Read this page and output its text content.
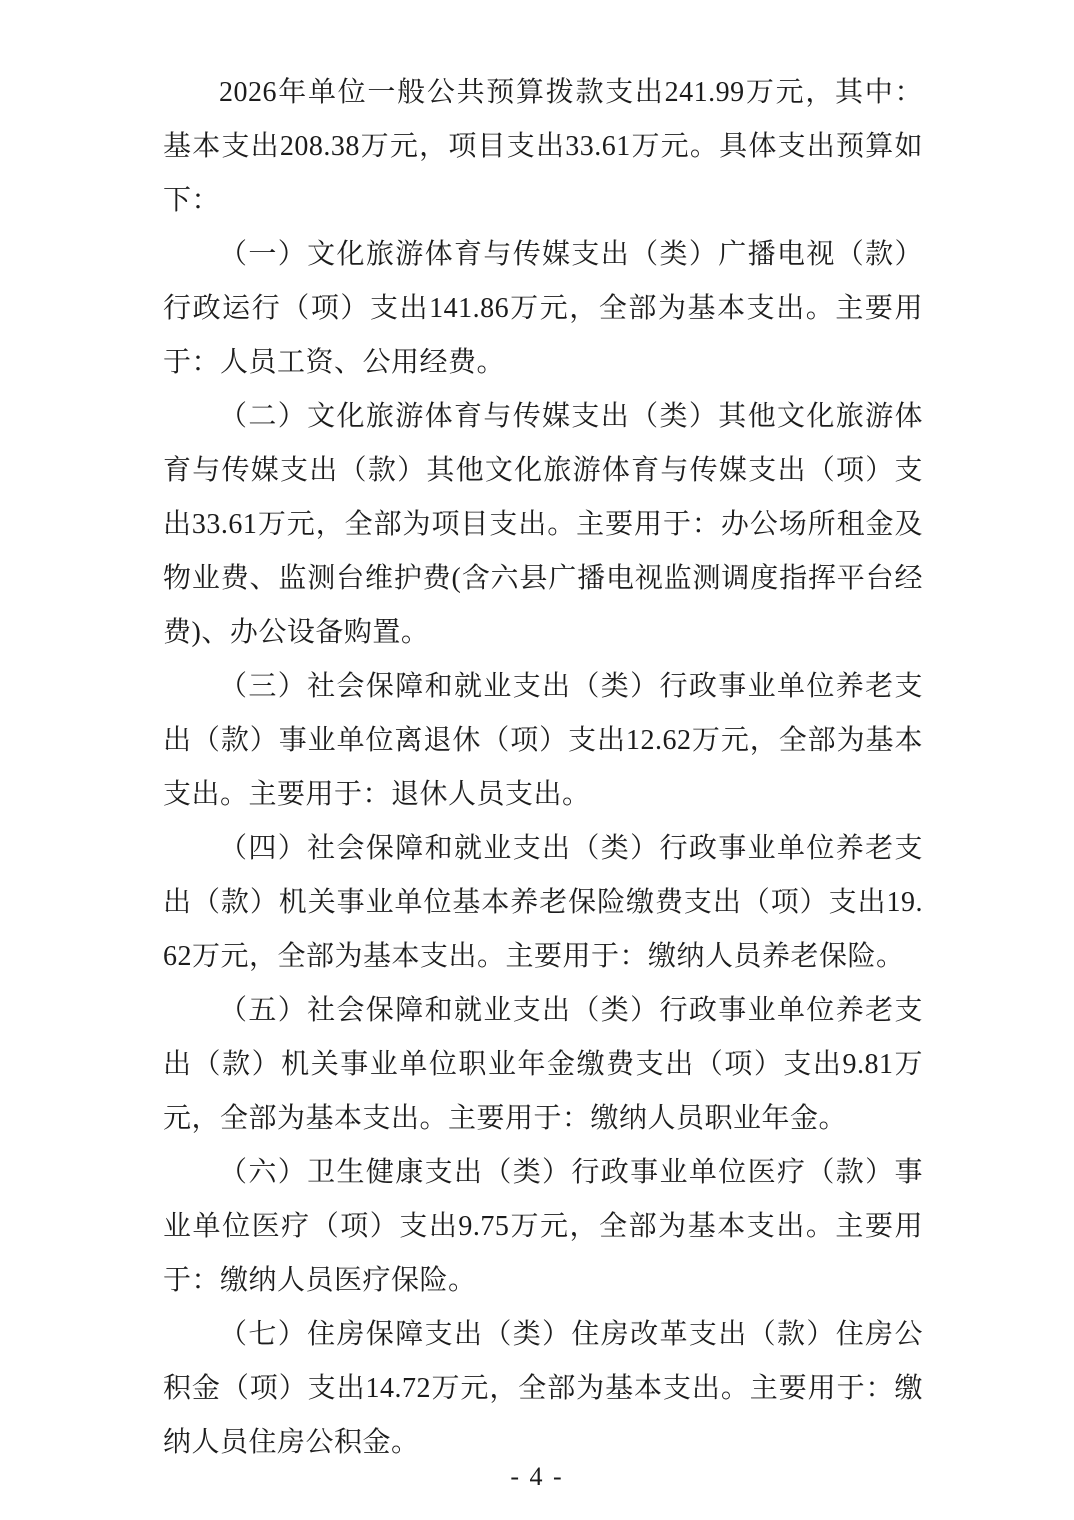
2026年单位一般公共预算拨款支出241.99万元，其中：基本支出208.38万元，项目支出33.61万元。具体支出预算如下：

（一）文化旅游体育与传媒支出（类）广播电视（款）行政运行（项）支出141.86万元，全部为基本支出。主要用于：人员工资、公用经费。

（二）文化旅游体育与传媒支出（类）其他文化旅游体育与传媒支出（款）其他文化旅游体育与传媒支出（项）支出33.61万元，全部为项目支出。主要用于：办公场所租金及物业费、监测台维护费(含六县广播电视监测调度指挥平台经费)、办公设备购置。

（三）社会保障和就业支出（类）行政事业单位养老支出（款）事业单位离退休（项）支出12.62万元，全部为基本支出。主要用于：退休人员支出。

（四）社会保障和就业支出（类）行政事业单位养老支出（款）机关事业单位基本养老保险缴费支出（项）支出19.62万元，全部为基本支出。主要用于：缴纳人员养老保险。

（五）社会保障和就业支出（类）行政事业单位养老支出（款）机关事业单位职业年金缴费支出（项）支出9.81万元，全部为基本支出。主要用于：缴纳人员职业年金。

（六）卫生健康支出（类）行政事业单位医疗（款）事业单位医疗（项）支出9.75万元，全部为基本支出。主要用于：缴纳人员医疗保险。

（七）住房保障支出（类）住房改革支出（款）住房公积金（项）支出14.72万元，全部为基本支出。主要用于：缴纳人员住房公积金。

- 4 -
